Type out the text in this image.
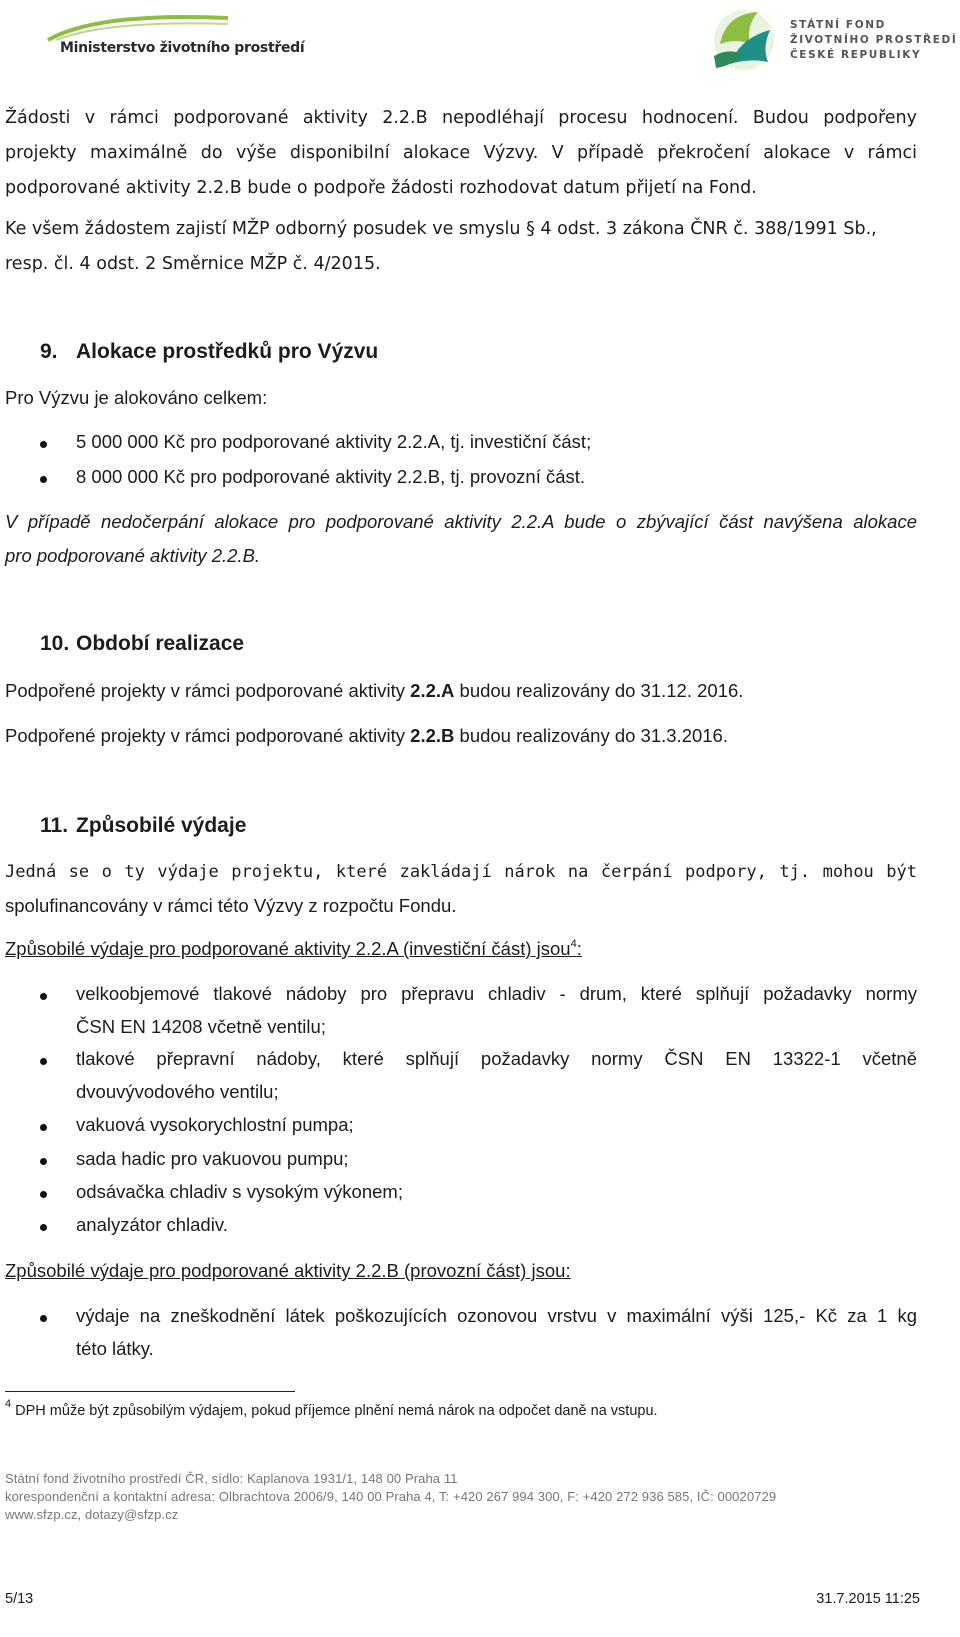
Ministerstvo životního prostředí
STÁTNÍ FOND
ŽIVOTNÍHO PROSTŘEDÍ
ČESKÉ REPUBLIKY
Žádosti v rámci podporované aktivity 2.2.B nepodléhají procesu hodnocení. Budou podpořeny
projekty maximálně do výše disponibilní alokace Výzvy. V případě překročení alokace v rámci
podporované aktivity 2.2.B bude o podpoře žádosti rozhodovat datum přijetí na Fond.
Ke všem žádostem zajistí MŽP odborný posudek ve smyslu § 4 odst. 3 zákona ČNR č. 388/1991 Sb.,
resp. čl. 4 odst. 2 Směrnice MŽP č. 4/2015.
9. Alokace prostředků pro Výzvu
Pro Výzvu je alokováno celkem:
5 000 000 Kč pro podporované aktivity 2.2.A, tj. investiční část;
8 000 000 Kč pro podporované aktivity 2.2.B, tj. provozní část.
V případě nedočerpání alokace pro podporované aktivity 2.2.A bude o zbývající část navýšena alokace
pro podporované aktivity 2.2.B.
10. Období realizace
Podpořené projekty v rámci podporované aktivity 2.2.A budou realizovány do 31.12. 2016.
Podpořené projekty v rámci podporované aktivity 2.2.B budou realizovány do 31.3.2016.
11. Způsobilé výdaje
Jedná se o ty výdaje projektu, které zakládají nárok na čerpání podpory, tj. mohou být
spolufinancovány v rámci této Výzvy z rozpočtu Fondu.
Způsobilé výdaje pro podporované aktivity 2.2.A (investiční část) jsou$^4$:
velkoobjemové tlakové nádoby pro přepravu chladiv - drum, které splňují požadavky normy
ČSN EN 14208 včetně ventilu;
tlakové přepravní nádoby, které splňují požadavky normy ČSN EN 13322-1 včetně
dvouvývodového ventilu;
vakuová vysokorychlostní pumpa;
sada hadic pro vakuovou pumpu;
odsávačka chladiv s vysokým výkonem;
analyzátor chladiv.
Způsobilé výdaje pro podporované aktivity 2.2.B (provozní část) jsou:
výdaje na zneškodnění látek poškozujících ozonovou vrstvu v maximální výši 125,- Kč za 1 kg
této látky.
$^4$ DPH může být způsobilým výdajem, pokud příjemce plnění nemá nárok na odpočet daně na vstupu.
Státní fond životního prostředí ČR, sídlo: Kaplanova 1931/1, 148 00 Praha 11
korespondenční a kontaktní adresa: Olbrachtova 2006/9, 140 00 Praha 4, T: +420 267 994 300, F: +420 272 936 585, IČ: 00020729
www.sfzp.cz, dotazy@sfzp.cz
5/13	31.7.2015 11:25
